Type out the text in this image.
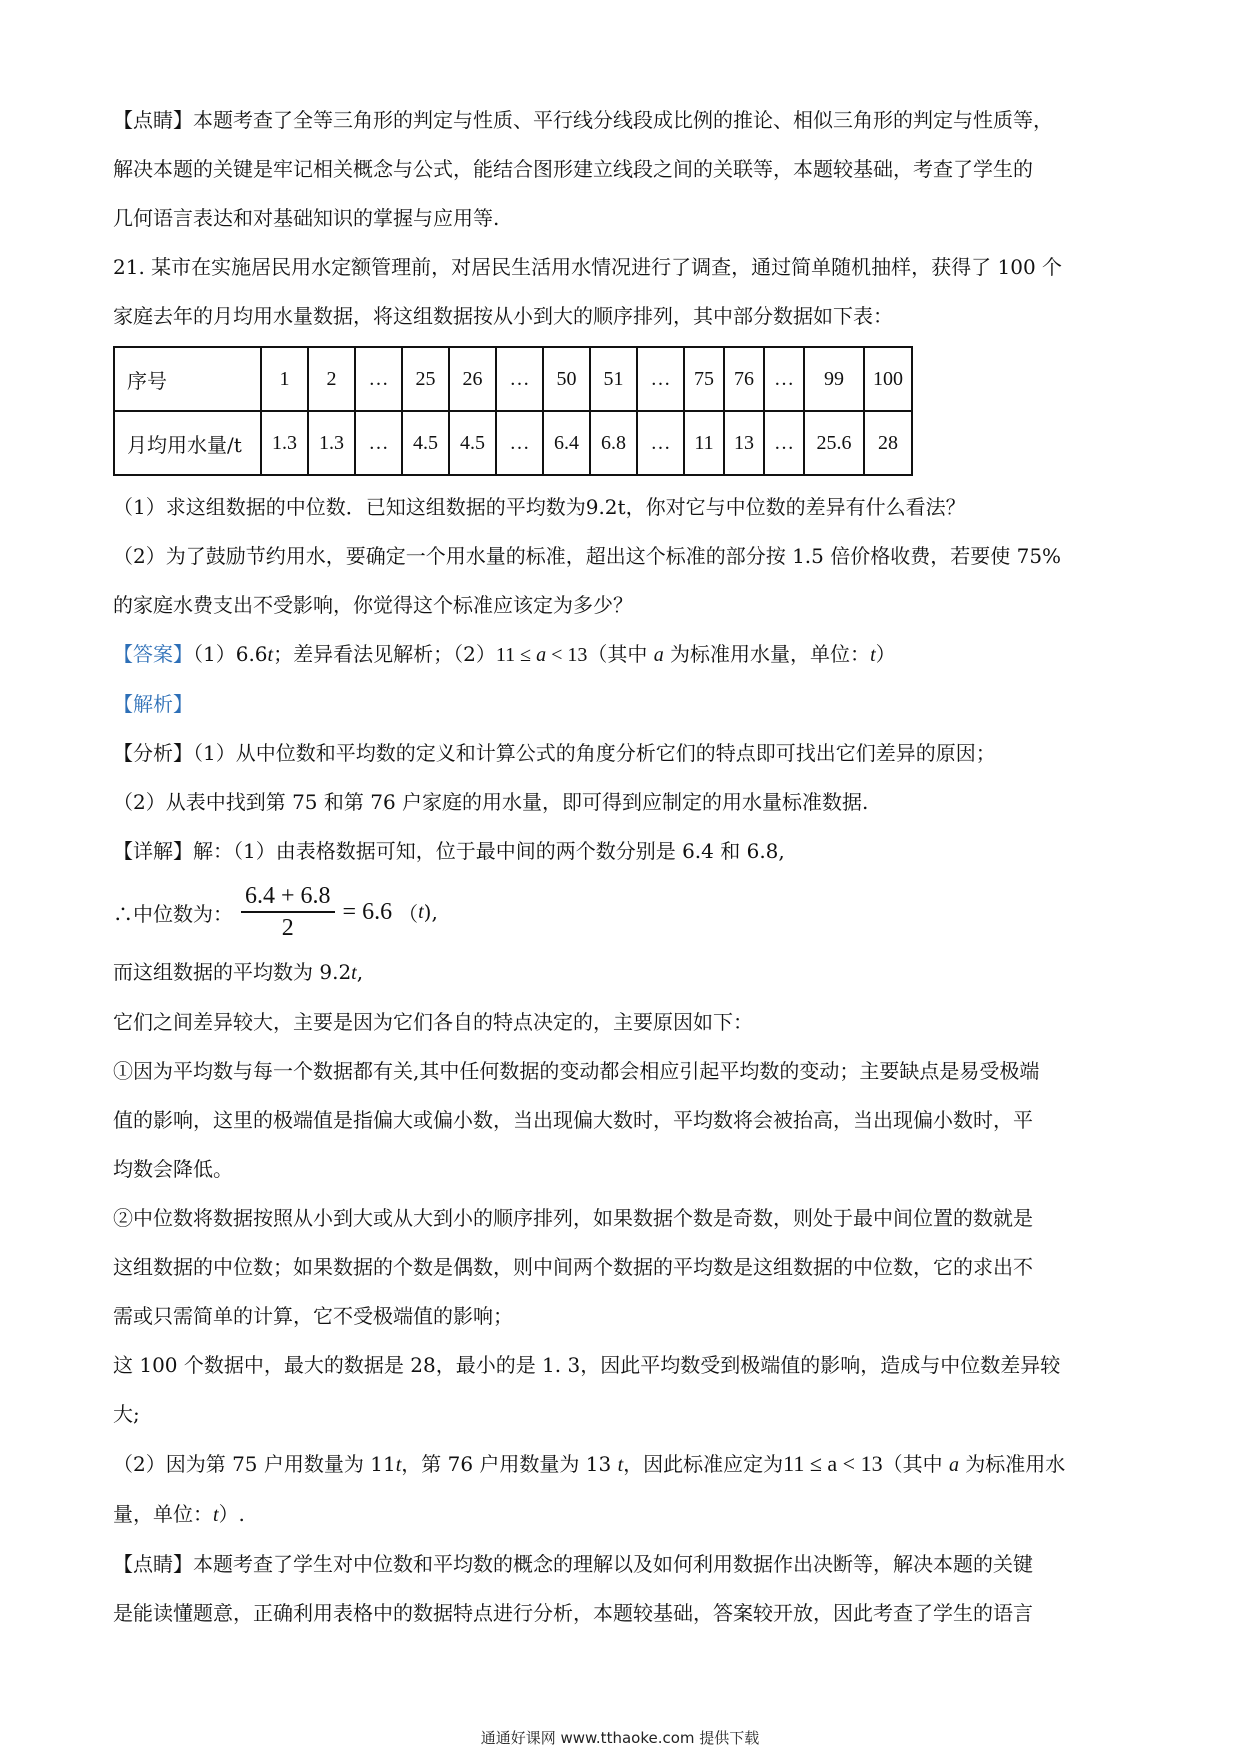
【点睛】本题考查了全等三角形的判定与性质、平行线分线段成比例的推论、相似三角形的判定与性质等，

解决本题的关键是牢记相关概念与公式，能结合图形建立线段之间的关联等，本题较基础，考查了学生的

几何语言表达和对基础知识的掌握与应用等.

21. 某市在实施居民用水定额管理前，对居民生活用水情况进行了调查，通过简单随机抽样，获得了 100 个

家庭去年的月均用水量数据，将这组数据按从小到大的顺序排列，其中部分数据如下表：

序号	1	2	…	25	26	…	50	51	…	75	76	…	99	100
月均用水量/t	1.3	1.3	…	4.5	4.5	…	6.4	6.8	…	11	13	…	25.6	28

（1）求这组数据的中位数．已知这组数据的平均数为9.2t，你对它与中位数的差异有什么看法？

（2）为了鼓励节约用水，要确定一个用水量的标准，超出这个标准的部分按 1.5 倍价格收费，若要使 75%

的家庭水费支出不受影响，你觉得这个标准应该定为多少？

【答案】（1）6.6t；差异看法见解析；（2）11 ≤ a < 13（其中 a 为标准用水量，单位：t）

【解析】

【分析】（1）从中位数和平均数的定义和计算公式的角度分析它们的特点即可找出它们差异的原因；

（2）从表中找到第 75 和第 76 户家庭的用水量，即可得到应制定的用水量标准数据.

【详解】解：（1）由表格数据可知，位于最中间的两个数分别是 6.4 和 6.8,

∴中位数为： $\frac{6.4 + 6.8}{2} = 6.6$ （ t ),

而这组数据的平均数为 9.2t,

它们之间差异较大，主要是因为它们各自的特点决定的，主要原因如下：

①因为平均数与每一个数据都有关,其中任何数据的变动都会相应引起平均数的变动；主要缺点是易受极端

值的影响，这里的极端值是指偏大或偏小数，当出现偏大数时，平均数将会被抬高，当出现偏小数时，平

均数会降低。

②中位数将数据按照从小到大或从大到小的顺序排列，如果数据个数是奇数，则处于最中间位置的数就是

这组数据的中位数；如果数据的个数是偶数，则中间两个数据的平均数是这组数据的中位数，它的求出不

需或只需简单的计算，它不受极端值的影响；

这 100 个数据中，最大的数据是 28，最小的是 1. 3，因此平均数受到极端值的影响，造成与中位数差异较

大;

（2）因为第 75 户用数量为 11t，第 76 户用数量为 13 t，因此标准应定为11 ≤ a < 13（其中 a 为标准用水

量，单位：t）.

【点睛】本题考查了学生对中位数和平均数的概念的理解以及如何利用数据作出决断等，解决本题的关键

是能读懂题意，正确利用表格中的数据特点进行分析，本题较基础，答案较开放，因此考查了学生的语言

通通好课网 www.tthaoke.com 提供下载
